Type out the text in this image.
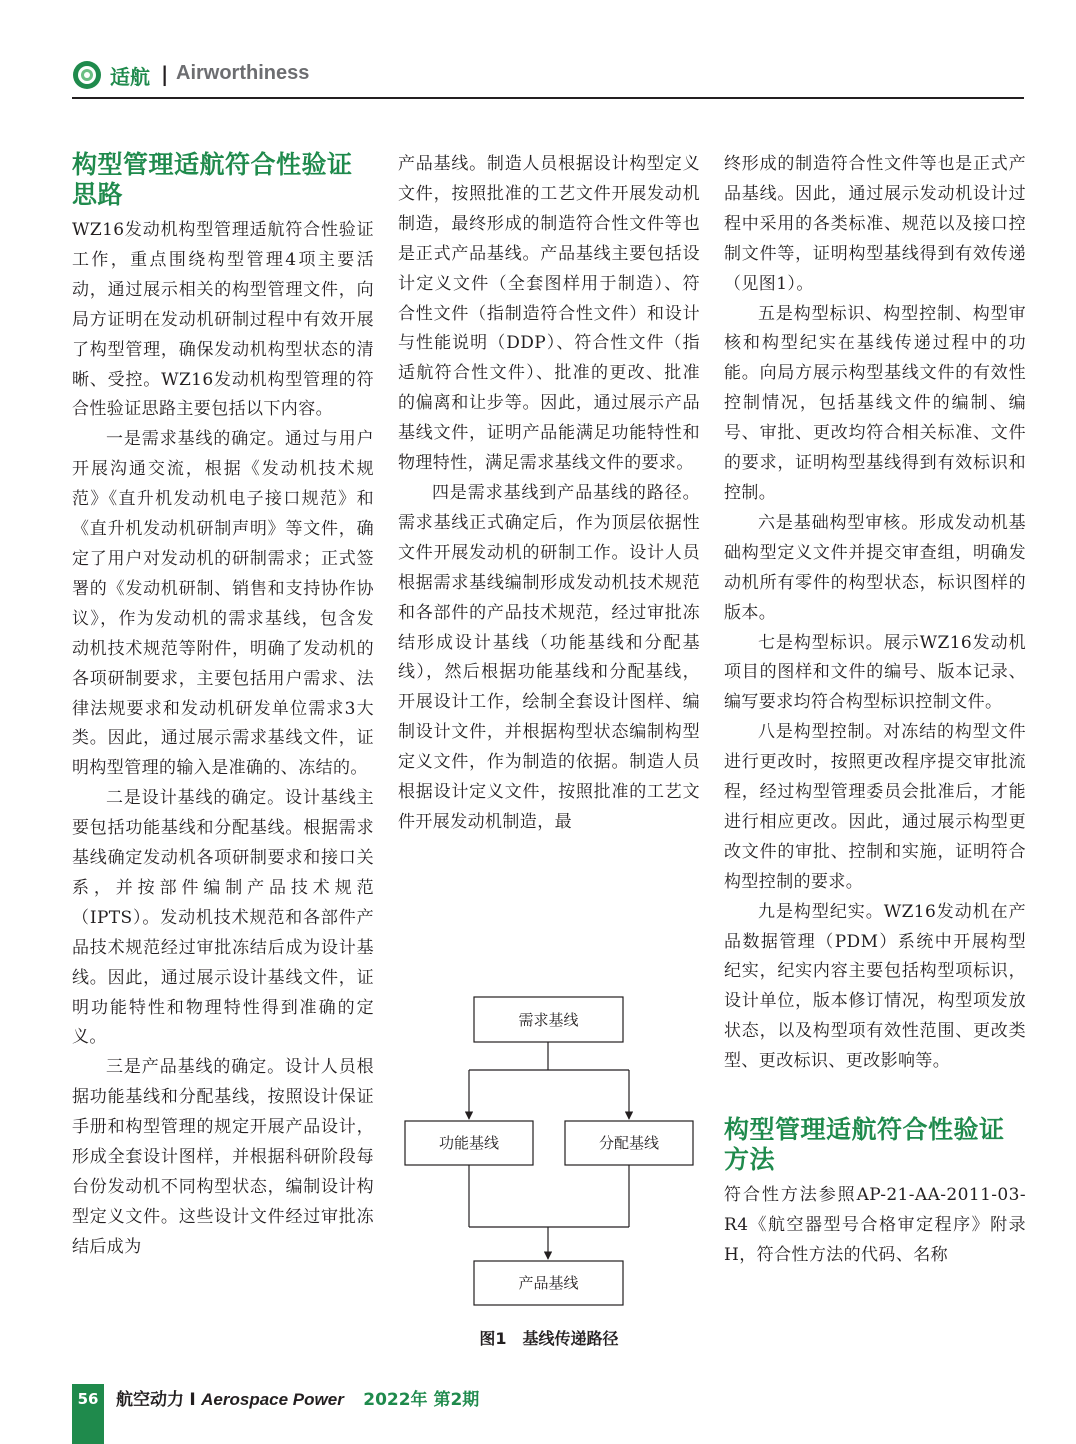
适航 | Airworthiness
构型管理适航符合性验证思路

WZ16发动机构型管理适航符合性验证工作，重点围绕构型管理4项主要活动，通过展示相关的构型管理文件，向局方证明在发动机研制过程中有效开展了构型管理，确保发动机构型状态的清晰、受控。WZ16发动机构型管理的符合性验证思路主要包括以下内容。

一是需求基线的确定。通过与用户开展沟通交流，根据《发动机技术规范》《直升机发动机电子接口规范》和《直升机发动机研制声明》等文件，确定了用户对发动机的研制需求；正式签署的《发动机研制、销售和支持协作协议》，作为发动机的需求基线，包含发动机技术规范等附件，明确了发动机的各项研制要求，主要包括用户需求、法律法规要求和发动机研发单位需求3大类。因此，通过展示需求基线文件，证明构型管理的输入是准确的、冻结的。

二是设计基线的确定。设计基线主要包括功能基线和分配基线。根据需求基线确定发动机各项研制要求和接口关系，并按部件编制产品技术规范（IPTS）。发动机技术规范和各部件产品技术规范经过审批冻结后成为设计基线。因此，通过展示设计基线文件，证明功能特性和物理特性得到准确的定义。

三是产品基线的确定。设计人员根据功能基线和分配基线，按照设计保证手册和构型管理的规定开展产品设计，形成全套设计图样，并根据科研阶段每台份发动机不同构型状态，编制设计构型定义文件。这些设计文件经过审批冻结后成为

产品基线。制造人员根据设计构型定义文件，按照批准的工艺文件开展发动机制造，最终形成的制造符合性文件等也是正式产品基线。产品基线主要包括设计定义文件（全套图样用于制造）、符合性文件（指制造符合性文件）和设计与性能说明（DDP）、符合性文件（指适航符合性文件）、批准的更改、批准的偏离和让步等。因此，通过展示产品基线文件，证明产品能满足功能特性和物理特性，满足需求基线文件的要求。

四是需求基线到产品基线的路径。需求基线正式确定后，作为顶层依据性文件开展发动机的研制工作。设计人员根据需求基线编制形成发动机技术规范和各部件的产品技术规范，经过审批冻结形成设计基线（功能基线和分配基线），然后根据功能基线和分配基线，开展设计工作，绘制全套设计图样、编制设计文件，并根据构型状态编制构型定义文件，作为制造的依据。制造人员根据设计定义文件，按照批准的工艺文件开展发动机制造，最

需求基线
功能基线	分配基线
产品基线
图1　基线传递路径

终形成的制造符合性文件等也是正式产品基线。因此，通过展示发动机设计过程中采用的各类标准、规范以及接口控制文件等，证明构型基线得到有效传递（见图1）。

五是构型标识、构型控制、构型审核和构型纪实在基线传递过程中的功能。向局方展示构型基线文件的有效性控制情况，包括基线文件的编制、编号、审批、更改均符合相关标准、文件的要求，证明构型基线得到有效标识和控制。

六是基础构型审核。形成发动机基础构型定义文件并提交审查组，明确发动机所有零件的构型状态，标识图样的版本。

七是构型标识。展示WZ16发动机项目的图样和文件的编号、版本记录、编写要求均符合构型标识控制文件。

八是构型控制。对冻结的构型文件进行更改时，按照更改程序提交审批流程，经过构型管理委员会批准后，才能进行相应更改。因此，通过展示构型更改文件的审批、控制和实施，证明符合构型控制的要求。

九是构型纪实。WZ16发动机在产品数据管理（PDM）系统中开展构型纪实，纪实内容主要包括构型项标识，设计单位，版本修订情况，构型项发放状态，以及构型项有效性范围、更改类型、更改标识、更改影响等。

构型管理适航符合性验证方法

符合性方法参照AP-21-AA-2011-03-R4《航空器型号合格审定程序》附录H，符合性方法的代码、名称

56	航空动力 I Aerospace Power 2022年 第2期
